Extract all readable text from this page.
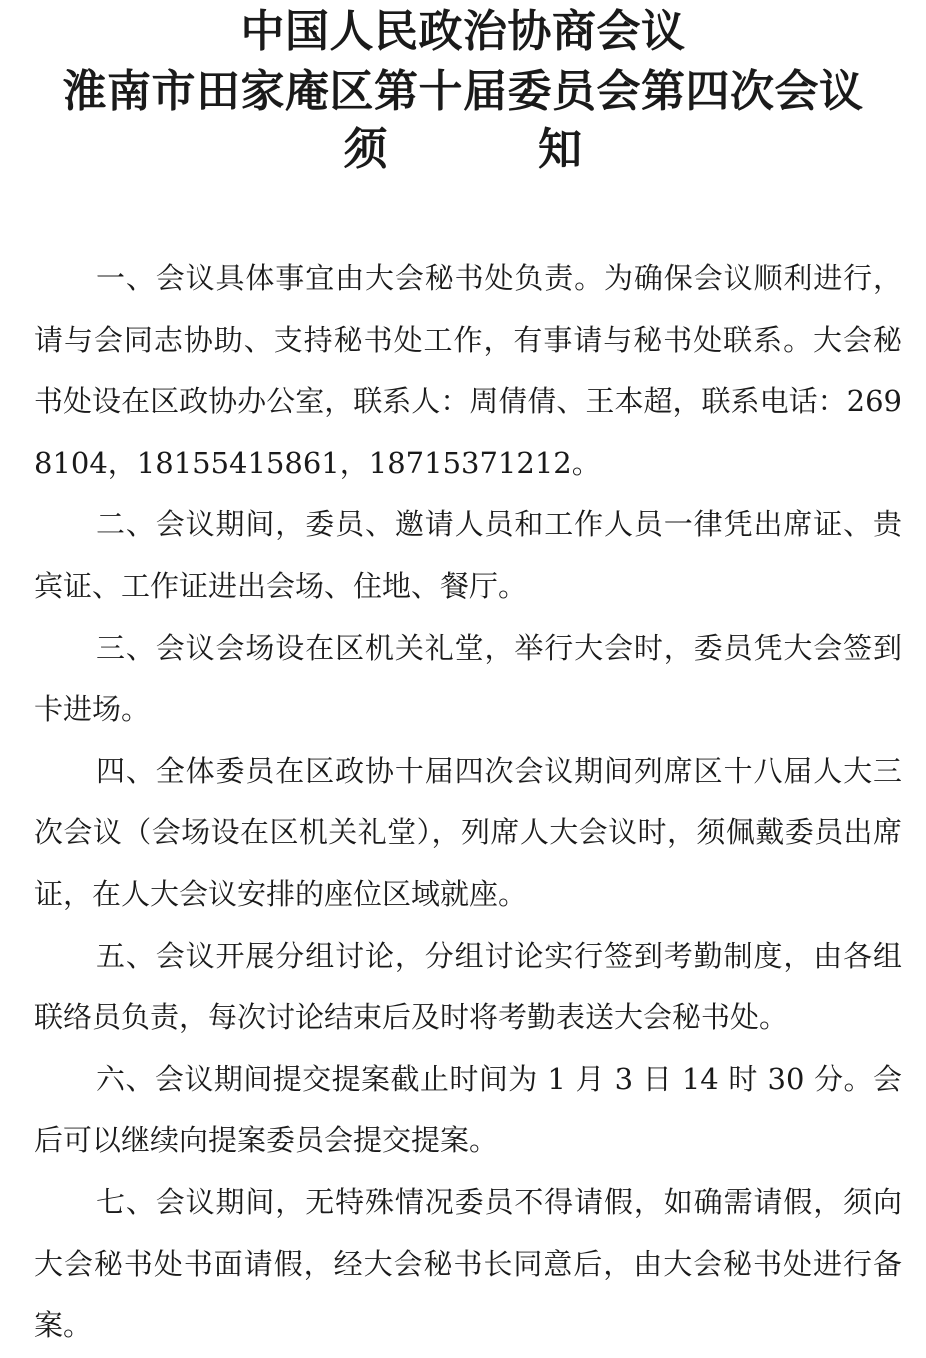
中国人民政治协商会议
淮南市田家庵区第十届委员会第四次会议
须	知

一、会议具体事宜由大会秘书处负责。为确保会议顺利进行，请与会同志协助、支持秘书处工作，有事请与秘书处联系。大会秘书处设在区政协办公室，联系人：周倩倩、王本超，联系电话：2698104，18155415861，18715371212。

二、会议期间，委员、邀请人员和工作人员一律凭出席证、贵宾证、工作证进出会场、住地、餐厅。

三、会议会场设在区机关礼堂，举行大会时，委员凭大会签到卡进场。

四、全体委员在区政协十届四次会议期间列席区十八届人大三次会议（会场设在区机关礼堂），列席人大会议时，须佩戴委员出席证，在人大会议安排的座位区域就座。

五、会议开展分组讨论，分组讨论实行签到考勤制度，由各组联络员负责，每次讨论结束后及时将考勤表送大会秘书处。

六、会议期间提交提案截止时间为 1 月 3 日 14 时 30 分。会后可以继续向提案委员会提交提案。

七、会议期间，无特殊情况委员不得请假，如确需请假，须向大会秘书处书面请假，经大会秘书长同意后，由大会秘书处进行备案。
